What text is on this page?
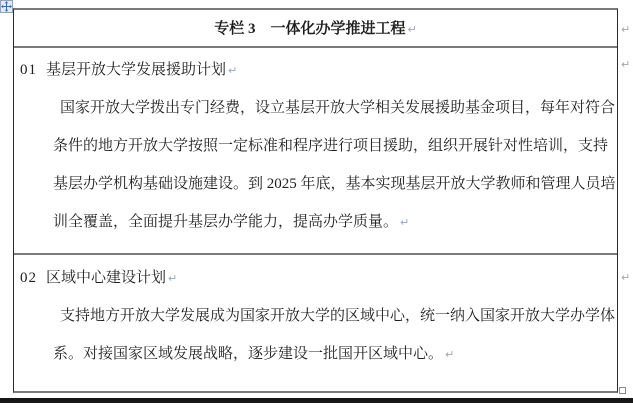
专栏 3　一体化办学推进工程 ↵
01 基层开放大学发展援助计划 ↵
国家开放大学拨出专门经费，设立基层开放大学相关发展援助基金项目，每年对符合
条件的地方开放大学按照一定标准和程序进行项目援助，组织开展针对性培训，支持
基层办学机构基础设施建设。到 2025 年底，基本实现基层开放大学教师和管理人员培
训全覆盖，全面提升基层办学能力，提高办学质量。 ↵
02 区域中心建设计划 ↵
支持地方开放大学发展成为国家开放大学的区域中心，统一纳入国家开放大学办学体
系。对接国家区域发展战略，逐步建设一批国开区域中心。 ↵
↵
↵
↵
